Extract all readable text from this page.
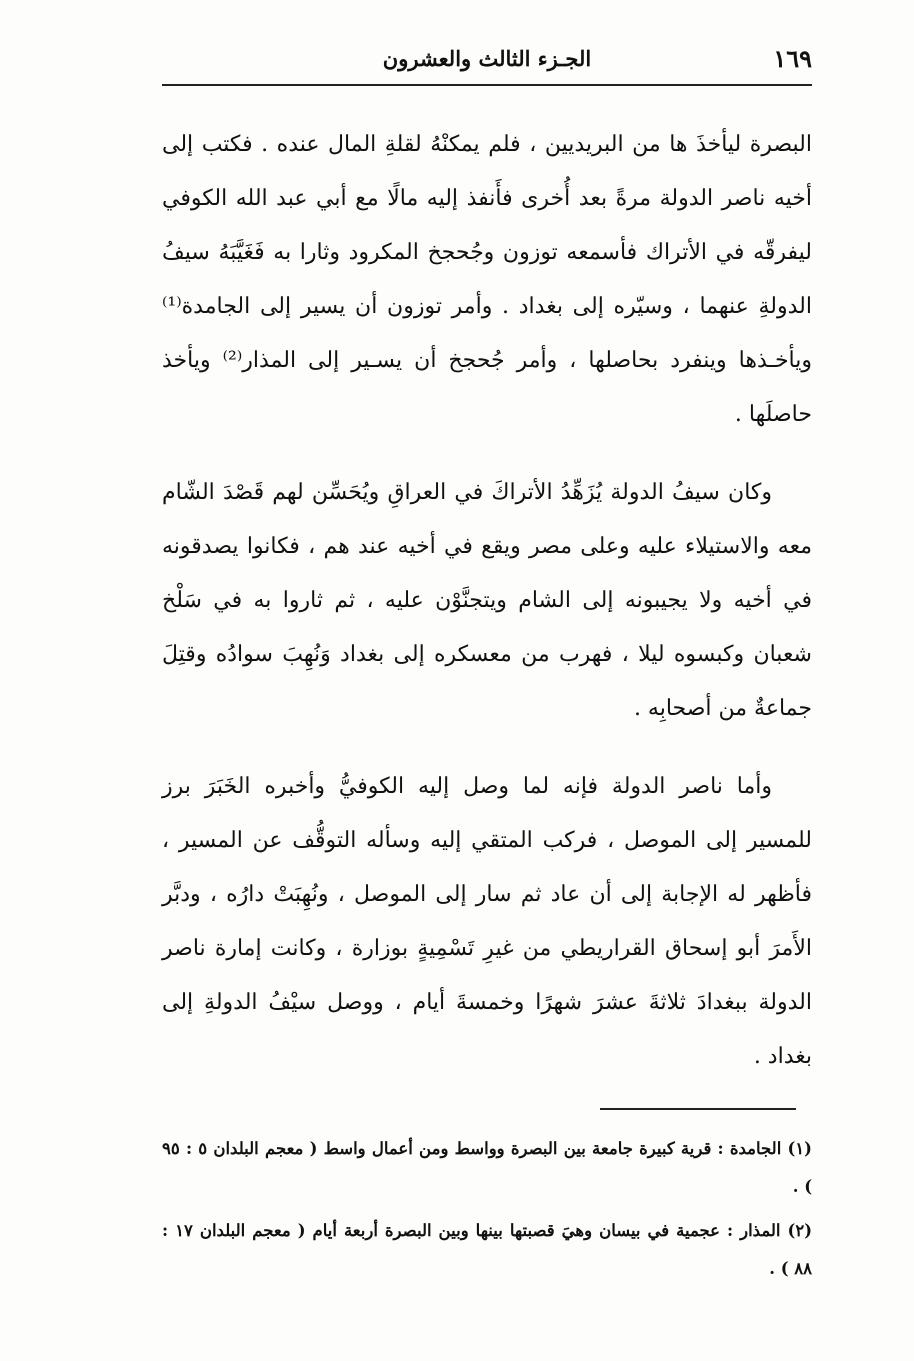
١٦٩
الجـزء الثالث والعشرون

البصرة ليأخذَ ها من البريديين ، فلم يمكنْهُ لقلةِ المال عنده . فكتب إلى أخيه ناصر الدولة مرةً بعد أُخرى فأَنفذ إليه مالًا مع أبي عبد الله الكوفي ليفرقّه في الأتراك فأسمعه توزون وجُحجخ المكرود وثارا به فَغَيَّبَهُ سيفُ الدولةِ عنهما ، وسيّره إلى بغداد . وأمر توزون أن يسير إلى الجامدة⁽¹⁾ ويأخـذها وينفرد بحاصلها ، وأمر جُحجخ أن يسـير إلى المذار⁽²⁾ ويأخذ حاصلَها .

وكان سيفُ الدولة يُزَهِّدُ الأتراكَ في العراقِ ويُحَسِّن لهم قَصْدَ الشّام معه والاستيلاء عليه وعلى مصر ويقع في أخيه عند هم ، فكانوا يصدقونه في أخيه ولا يجيبونه إلى الشام ويتجنَّوْن عليه ، ثم ثاروا به في سَلْخ شعبان وكبسوه ليلا ، فهرب من معسكره إلى بغداد وَنُهِبَ سوادُه وقتِلَ جماعةٌ من أصحابِه .

وأما ناصر الدولة فإنه لما وصل إليه الكوفيُّ وأخبره الخَبَرَ برز للمسير إلى الموصل ، فركب المتقي إليه وسأله التوقُّف عن المسير ، فأظهر له الإجابة إلى أن عاد ثم سار إلى الموصل ، ونُهِبَتْ دارُه ، ودبَّر الأَمرَ أبو إسحاق القراريطي من غيرِ تَسْمِيةٍ بوزارة ، وكانت إمارة ناصر الدولة ببغدادَ ثلاثةَ عشرَ شهرًا وخمسةَ أيام ، ووصل سيْفُ الدولةِ إلى بغداد .

(١) الجامدة : قرية كبيرة جامعة بين البصرة وواسط ومن أعمال واسط ( معجم البلدان ٥ : ٩٥ ) .

(٢) المذار : عجمية في بيسان وهيَ قصبتها بينها وبين البصرة أربعة أيام ( معجم البلدان ١٧ : ٨٨ ) .
